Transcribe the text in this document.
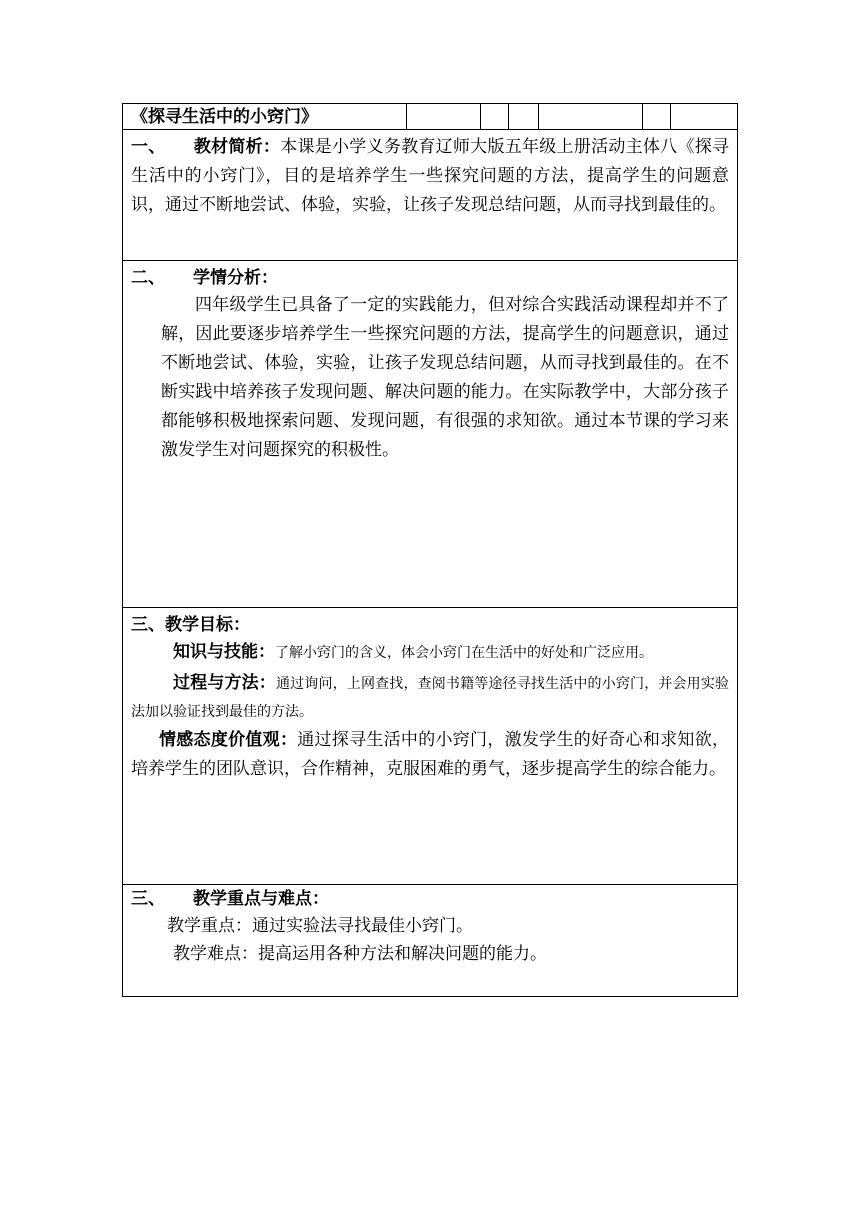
《探寻生活中的小窍门》
一、 教材简析：本课是小学义务教育辽师大版五年级上册活动主体八《探寻生活中的小窍门》，目的是培养学生一些探究问题的方法，提高学生的问题意识，通过不断地尝试、体验，实验，让孩子发现总结问题，从而寻找到最佳的。
二、 学情分析：

四年级学生已具备了一定的实践能力，但对综合实践活动课程却并不了解，因此要逐步培养学生一些探究问题的方法，提高学生的问题意识，通过不断地尝试、体验，实验，让孩子发现总结问题，从而寻找到最佳的。在不断实践中培养孩子发现问题、解决问题的能力。在实际教学中，大部分孩子都能够积极地探索问题、发现问题，有很强的求知欲。通过本节课的学习来激发学生对问题探究的积极性。

三、教学目标：

知识与技能：了解小窍门的含义，体会小窍门在生活中的好处和广泛应用。

过程与方法：通过询问，上网查找，查阅书籍等途径寻找生活中的小窍门，并会用实验法加以验证找到最佳的方法。

情感态度价值观：通过探寻生活中的小窍门，激发学生的好奇心和求知欲，培养学生的团队意识，合作精神，克服困难的勇气，逐步提高学生的综合能力。

三、 教学重点与难点：

教学重点：通过实验法寻找最佳小窍门。

教学难点：提高运用各种方法和解决问题的能力。
